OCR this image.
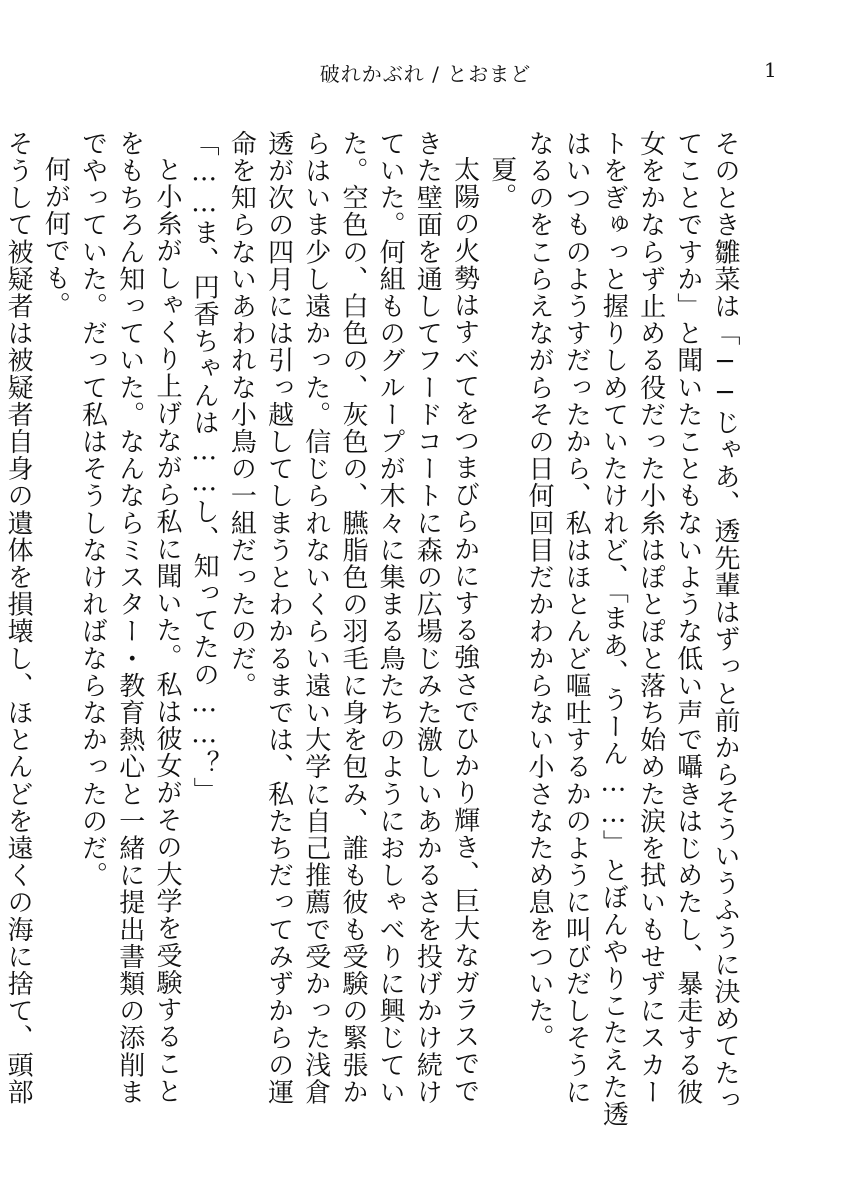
破れかぶれ / とおまど	1

そのとき雛菜は「──じゃあ、透先輩はずっと前からそういうふうに決めてたってことですか」と聞いたこともないような低い声で囁きはじめたし、暴走する彼女をかならず止める役だった小糸はぽとぽと落ち始めた涙を拭いもせずにスカートをぎゅっと握りしめていたけれど、「まあ、うーん……」とぼんやりこたえた透はいつものようすだったから、私はほとんど嘔吐するかのように叫びだしそうになるのをこらえながらその日何回目だかわからない小さなため息をついた。

夏。

太陽の火勢はすべてをつまびらかにする強さでひかり輝き、巨大なガラスでできた壁面を通してフードコートに森の広場じみた激しいあかるさを投げかけ続けていた。何組ものグループが木々に集まる鳥たちのようにおしゃべりに興じていた。空色の、白色の、灰色の、臙脂色の羽毛に身を包み、誰も彼も受験の緊張からはいま少し遠かった。信じられないくらい遠い大学に自己推薦で受かった浅倉透が次の四月には引っ越してしまうとわかるまでは、私たちだってみずからの運命を知らないあわれな小鳥の一組だったのだ。

「……ま、円香ちゃんは……し、知ってたの……？」

と小糸がしゃくり上げながら私に聞いた。私は彼女がその大学を受験することをもちろん知っていた。なんならミスター・教育熱心と一緒に提出書類の添削までやっていた。だって私はそうしなければならなかったのだ。

何が何でも。

そうして被疑者は被疑者自身の遺体を損壊し、ほとんどを遠くの海に捨て、頭部
